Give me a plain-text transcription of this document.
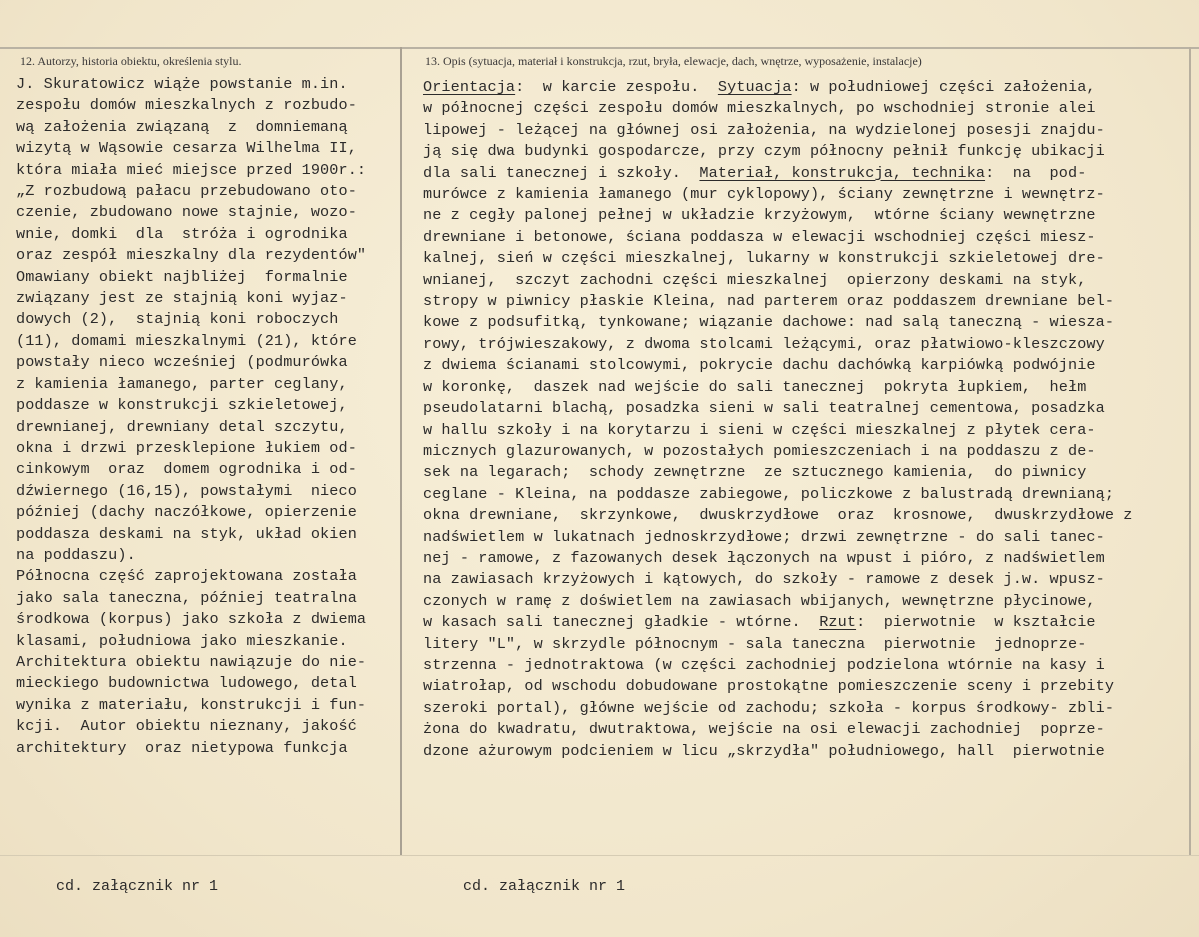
12. Autorzy, historia obiektu, określenia stylu.	13. Opis (sytuacja, materiał i konstrukcja, rzut, bryła, elewacje, dach, wnętrze, wyposażenie, instalacje)
J. Skuratowicz wiąże powstanie m.in.
zespołu domów mieszkalnych z rozbudo-
wą założenia związaną  z  domniemaną
wizytą w Wąsowie cesarza Wilhelma II,
która miała mieć miejsce przed 1900r.:
„Z rozbudową pałacu przebudowano oto-
czenie, zbudowano nowe stajnie, wozo-
wnie, domki  dla  stróża i ogrodnika
oraz zespół mieszkalny dla rezydentów"
Omawiany obiekt najbliżej  formalnie
związany jest ze stajnią koni wyjaz-
dowych (2),  stajnią koni roboczych
(11), domami mieszkalnymi (21), które
powstały nieco wcześniej (podmurówka
z kamienia łamanego, parter ceglany,
poddasze w konstrukcji szkieletowej,
drewnianej, drewniany detal szczytu,
okna i drzwi przesklepione łukiem od-
cinkowym  oraz  domem ogrodnika i od-
dźwiernego (16,15), powstałymi  nieco
później (dachy naczółkowe, opierzenie
poddasza deskami na styk, układ okien
na poddaszu).
Północna część zaprojektowana została
jako sala taneczna, później teatralna
środkowa (korpus) jako szkoła z dwiema
klasami, południowa jako mieszkanie.
Architektura obiektu nawiązuje do nie-
mieckiego budownictwa ludowego, detal
wynika z materiału, konstrukcji i fun-
kcji.  Autor obiektu nieznany, jakość
architektury  oraz nietypowa funkcja
Orientacja:  w karcie zespołu.  Sytuacja: w południowej części założenia,
w północnej części zespołu domów mieszkalnych, po wschodniej stronie alei
lipowej - leżącej na głównej osi założenia, na wydzielonej posesji znajdu-
ją się dwa budynki gospodarcze, przy czym północny pełnił funkcję ubikacji
dla sali tanecznej i szkoły.  Materiał, konstrukcja, technika:  na  pod-
murówce z kamienia łamanego (mur cyklopowy), ściany zewnętrzne i wewnętrz-
ne z cegły palonej pełnej w układzie krzyżowym,  wtórne ściany wewnętrzne
drewniane i betonowe, ściana poddasza w elewacji wschodniej części miesz-
kalnej, sień w części mieszkalnej, lukarny w konstrukcji szkieletowej dre-
wnianej,  szczyt zachodni części mieszkalnej  opierzony deskami na styk,
stropy w piwnicy płaskie Kleina, nad parterem oraz poddaszem drewniane bel-
kowe z podsufitką, tynkowane; wiązanie dachowe: nad salą taneczną - wiesza-
rowy, trójwieszakowy, z dwoma stolcami leżącymi, oraz płatwiowo-kleszczowy
z dwiema ścianami stolcowymi, pokrycie dachu dachówką karpiówką podwójnie
w koronkę,  daszek nad wejście do sali tanecznej  pokryta łupkiem,  hełm
pseudolatarni blachą, posadzka sieni w sali teatralnej cementowa, posadzka
w hallu szkoły i na korytarzu i sieni w części mieszkalnej z płytek cera-
micznych glazurowanych, w pozostałych pomieszczeniach i na poddaszu z de-
sek na legarach;  schody zewnętrzne  ze sztucznego kamienia,  do piwnicy
ceglane - Kleina, na poddasze zabiegowe, policzkowe z balustradą drewnianą;
okna drewniane,  skrzynkowe,  dwuskrzydłowe  oraz  krosnowe,  dwuskrzydłowe z
nadświetlem w lukatnach jednoskrzydłowe; drzwi zewnętrzne - do sali tanec-
nej - ramowe, z fazowanych desek łączonych na wpust i pióro, z nadświetlem
na zawiasach krzyżowych i kątowych, do szkoły - ramowe z desek j.w. wpusz-
czonych w ramę z doświetlem na zawiasach wbijanych, wewnętrzne płycinowe,
w kasach sali tanecznej gładkie - wtórne.  Rzut:  pierwotnie  w kształcie
litery "L", w skrzydle północnym - sala taneczna  pierwotnie  jednoprze-
strzenna - jednotraktowa (w części zachodniej podzielona wtórnie na kasy i
wiatrołap, od wschodu dobudowane prostokątne pomieszczenie sceny i przebity
szeroki portal), główne wejście od zachodu; szkoła - korpus środkowy- zbli-
żona do kwadratu, dwutraktowa, wejście na osi elewacji zachodniej  poprze-
dzone ażurowym podcieniem w licu „skrzydła" południowego, hall  pierwotnie
cd. załącznik nr 1	cd. załącznik nr 1
